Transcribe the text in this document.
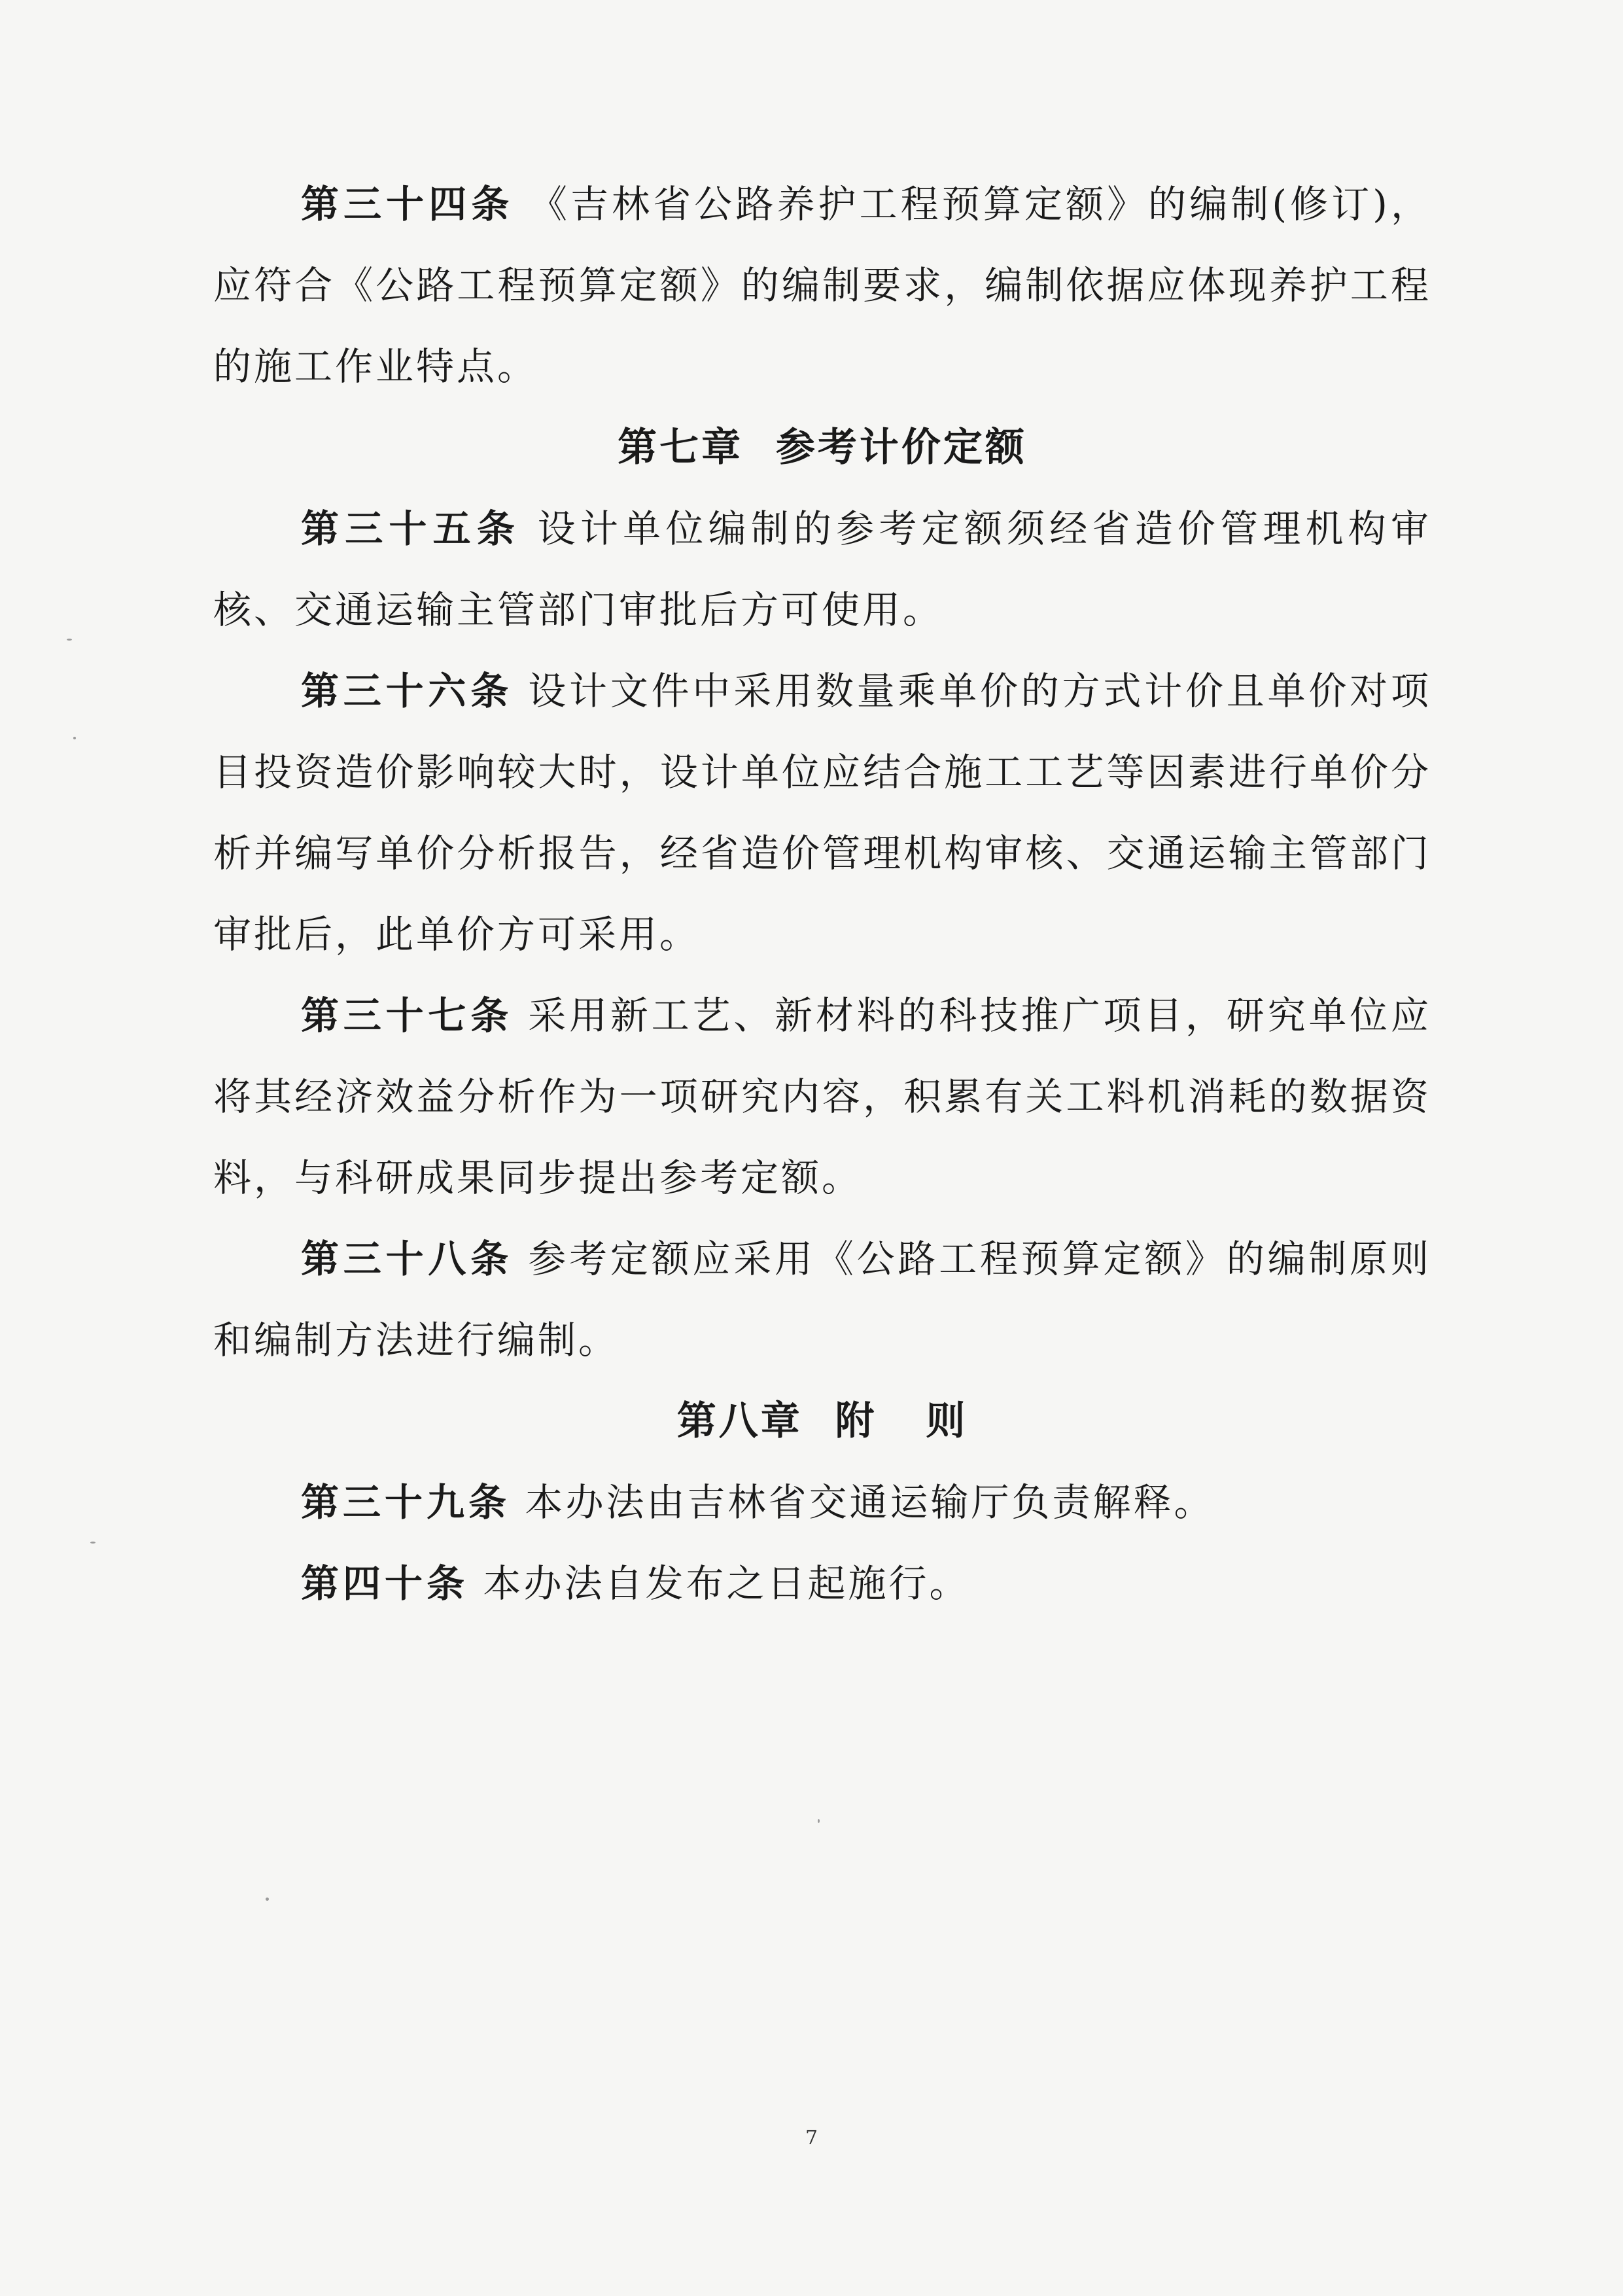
第三十四条 《吉林省公路养护工程预算定额》的编制(修订)，应符合《公路工程预算定额》的编制要求，编制依据应体现养护工程的施工作业特点。

第七章  参考计价定额

第三十五条 设计单位编制的参考定额须经省造价管理机构审核、交通运输主管部门审批后方可使用。

第三十六条 设计文件中采用数量乘单价的方式计价且单价对项目投资造价影响较大时，设计单位应结合施工工艺等因素进行单价分析并编写单价分析报告，经省造价管理机构审核、交通运输主管部门审批后，此单价方可采用。

第三十七条 采用新工艺、新材料的科技推广项目，研究单位应将其经济效益分析作为一项研究内容，积累有关工料机消耗的数据资料，与科研成果同步提出参考定额。

第三十八条 参考定额应采用《公路工程预算定额》的编制原则和编制方法进行编制。

第八章  附   则

第三十九条 本办法由吉林省交通运输厅负责解释。

第四十条 本办法自发布之日起施行。

7
